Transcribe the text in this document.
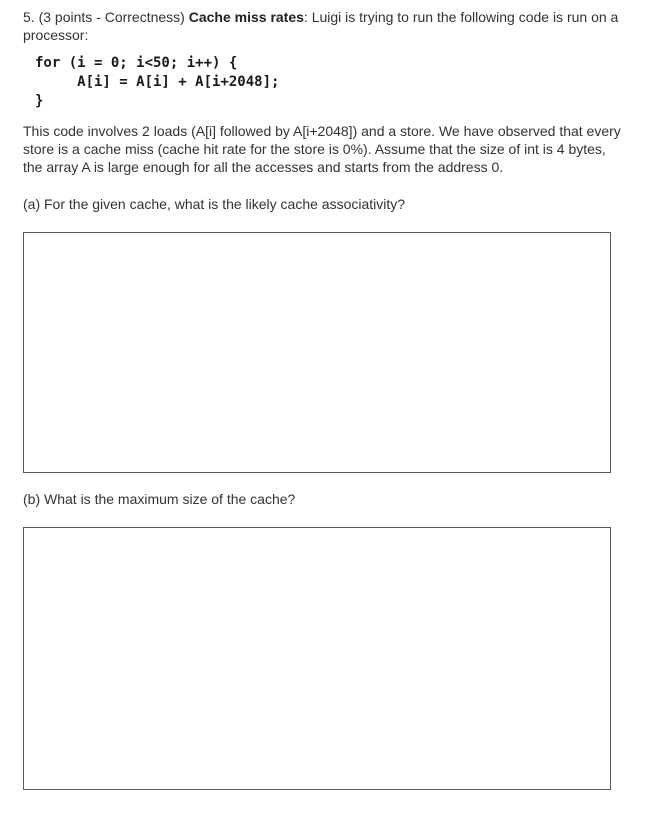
5. (3 points - Correctness) Cache miss rates: Luigi is trying to run the following code is run on a processor:
for (i = 0; i<50; i++) {
A[i] = A[i] + A[i+2048];
}
This code involves 2 loads (A[i] followed by A[i+2048]) and a store. We have observed that every store is a cache miss (cache hit rate for the store is 0%). Assume that the size of int is 4 bytes, the array A is large enough for all the accesses and starts from the address 0.
(a) For the given cache, what is the likely cache associativity?
(b) What is the maximum size of the cache?
